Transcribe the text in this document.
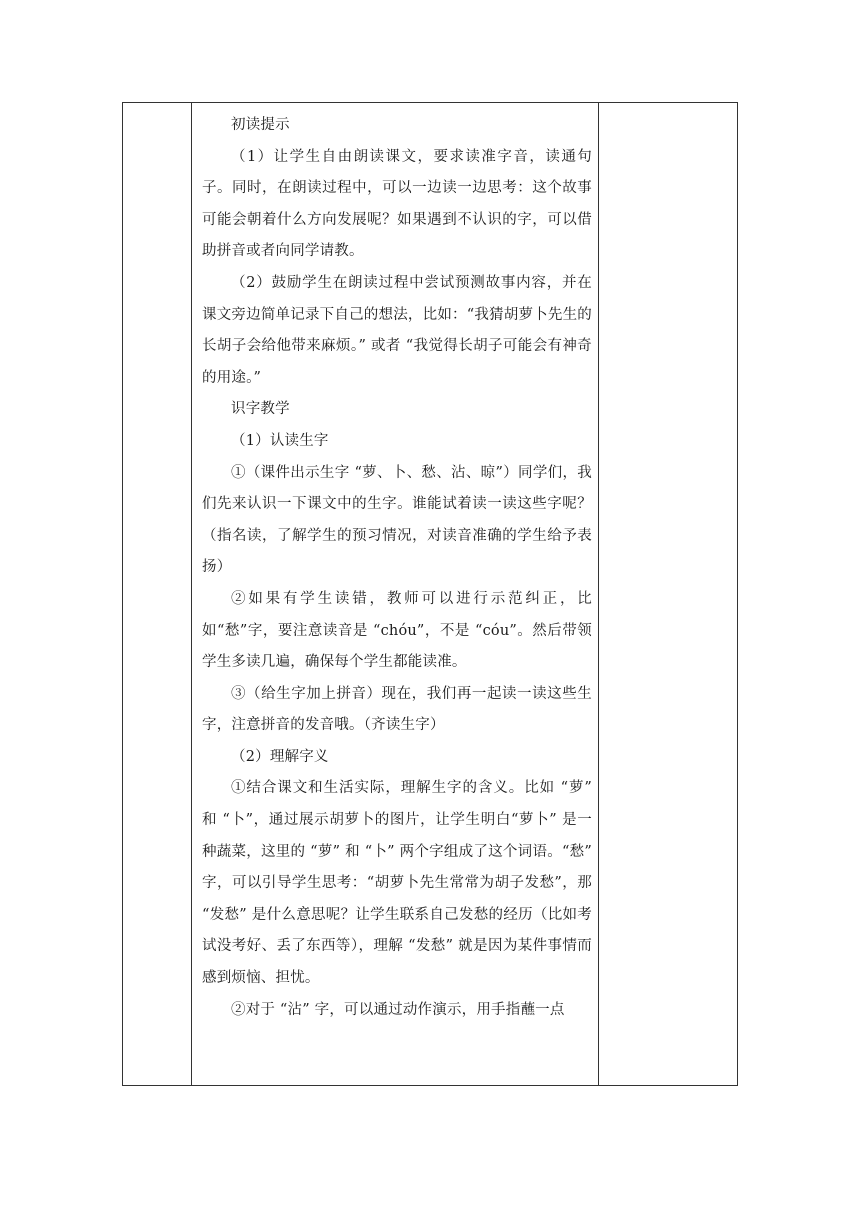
初读提示

（1）让学生自由朗读课文，要求读准字音，读通句子。同时，在朗读过程中，可以一边读一边思考：这个故事可能会朝着什么方向发展呢？如果遇到不认识的字，可以借助拼音或者向同学请教。

（2）鼓励学生在朗读过程中尝试预测故事内容，并在课文旁边简单记录下自己的想法，比如：“我猜胡萝卜先生的长胡子会给他带来麻烦。” 或者 “我觉得长胡子可能会有神奇的用途。”

识字教学

（1）认读生字

①（课件出示生字 “萝、卜、愁、沾、晾”）同学们，我们先来认识一下课文中的生字。谁能试着读一读这些字呢？（指名读，了解学生的预习情况，对读音准确的学生给予表扬）

②如果有学生读错，教师可以进行示范纠正，比如“愁”字，要注意读音是 “chóu”，不是 “cóu”。然后带领学生多读几遍，确保每个学生都能读准。

③（给生字加上拼音）现在，我们再一起读一读这些生字，注意拼音的发音哦。（齐读生字）

（2）理解字义

①结合课文和生活实际，理解生字的含义。比如 “萝” 和 “卜”，通过展示胡萝卜的图片，让学生明白“萝卜” 是一种蔬菜，这里的 “萝” 和 “卜” 两个字组成了这个词语。“愁” 字，可以引导学生思考：“胡萝卜先生常常为胡子发愁”，那 “发愁” 是什么意思呢？让学生联系自己发愁的经历（比如考试没考好、丢了东西等），理解 “发愁” 就是因为某件事情而感到烦恼、担忧。

②对于 “沾” 字，可以通过动作演示，用手指蘸一点
